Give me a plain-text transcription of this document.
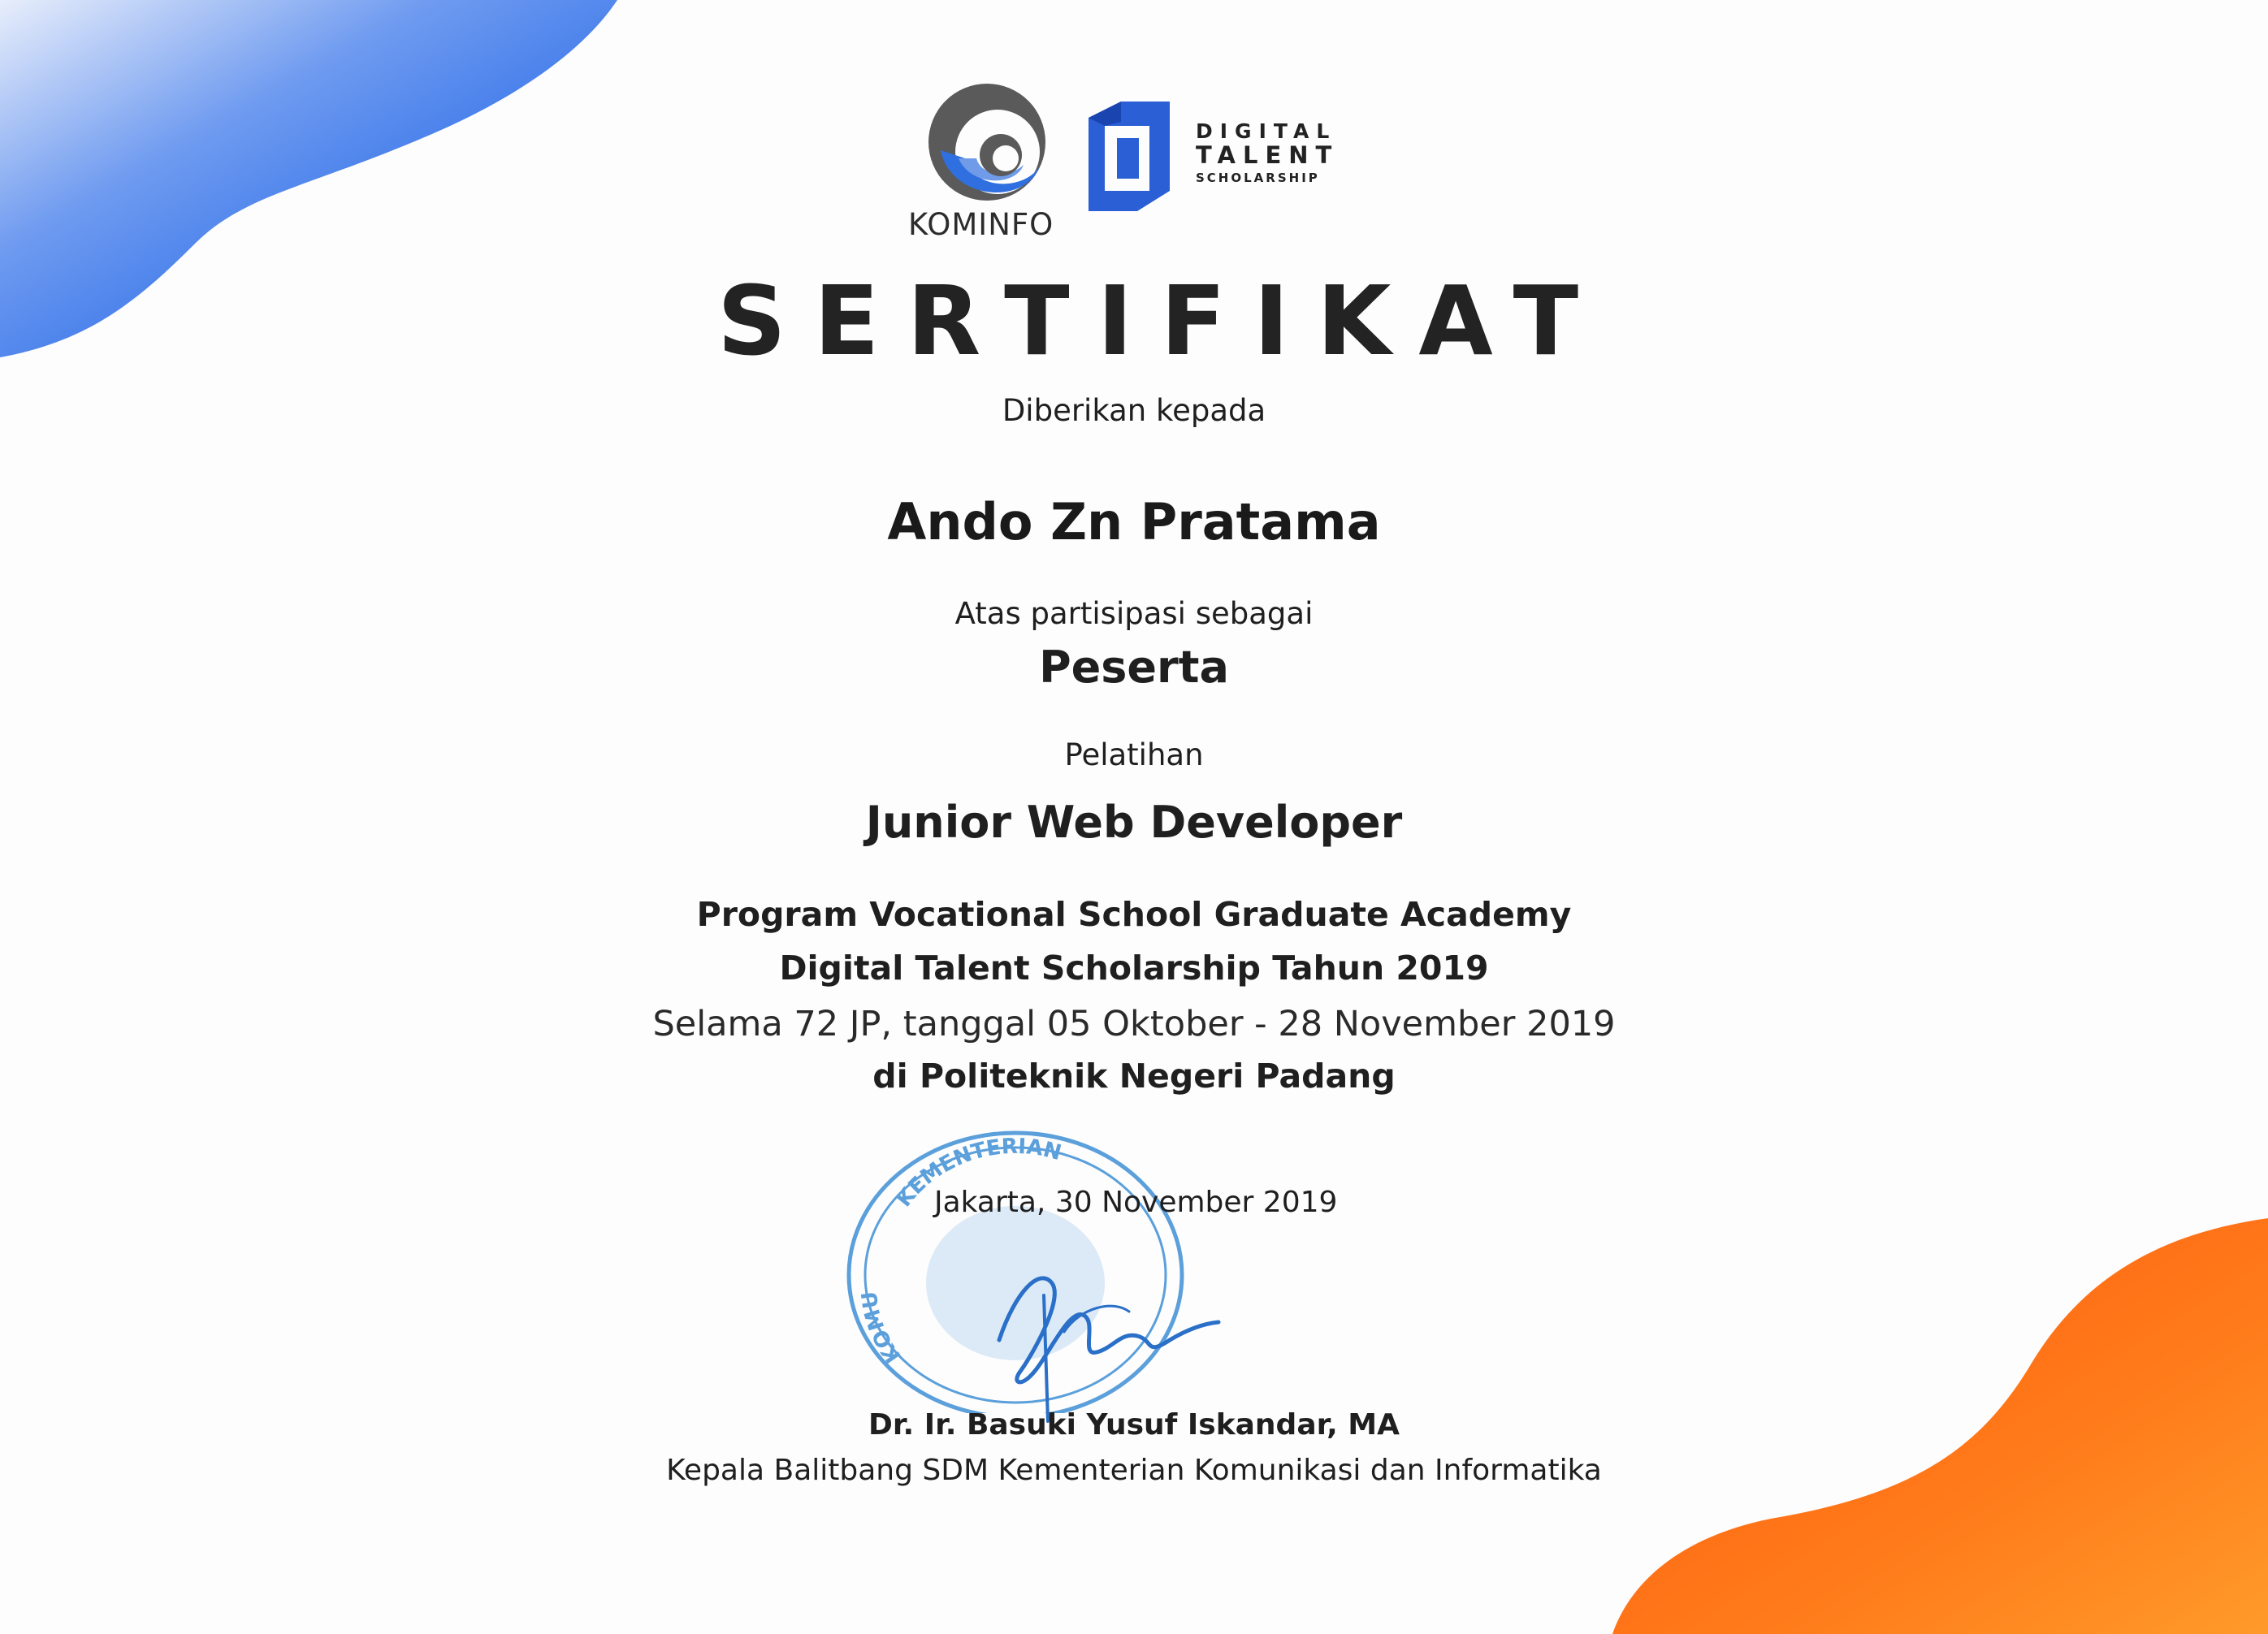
KOMINFO
DIGITAL
TALENT
SCHOLARSHIP
SERTIFIKAT
Diberikan kepada
Ando Zn Pratama
Atas partisipasi sebagai
Peserta
Pelatihan
Junior Web Developer
Program Vocational School Graduate Academy
Digital Talent Scholarship Tahun 2019
Selama 72 JP, tanggal 05 Oktober - 28 November 2019
di Politeknik Negeri Padang
KEMENTERIAN
KOMU
Jakarta, 30 November 2019
Dr. Ir. Basuki Yusuf Iskandar, MA
Kepala Balitbang SDM Kementerian Komunikasi dan Informatika
